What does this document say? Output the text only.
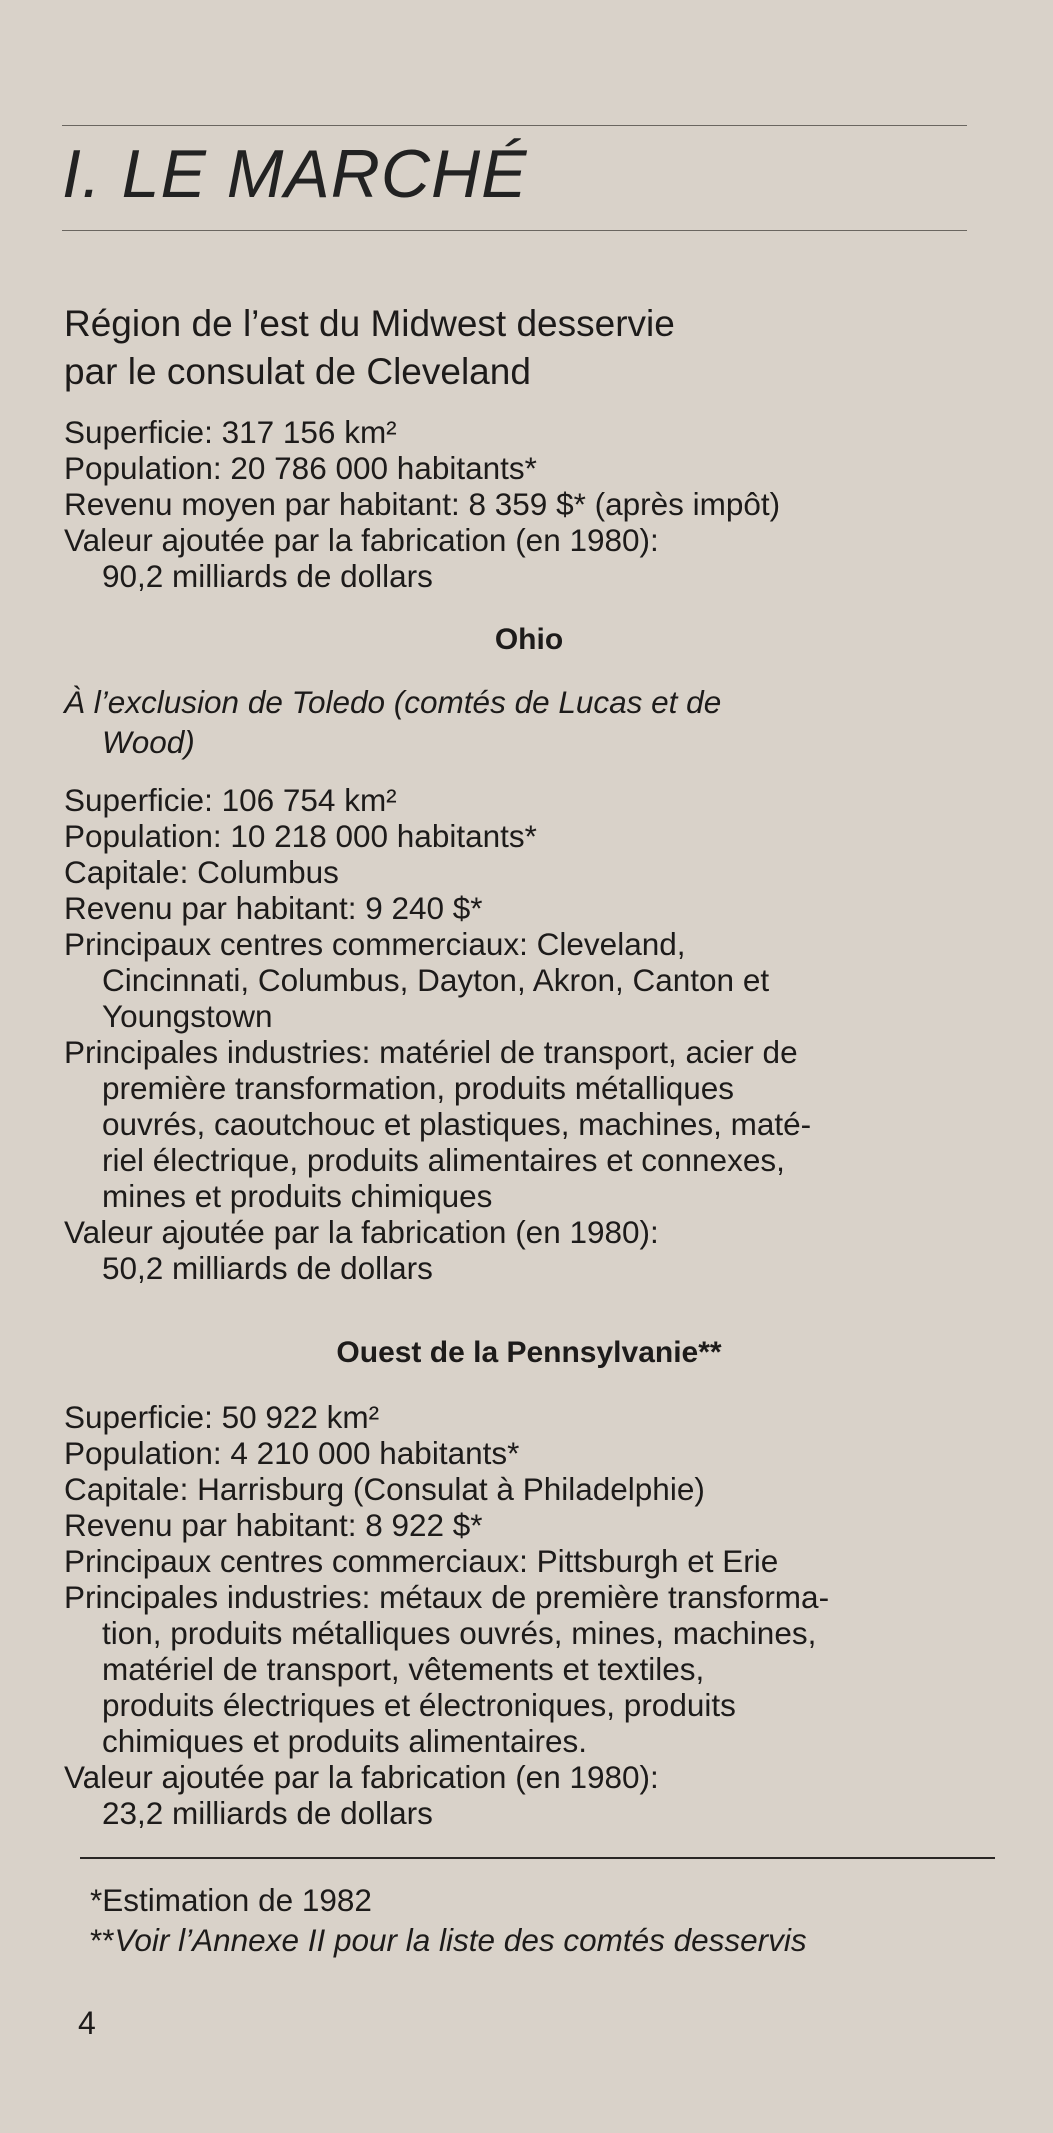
I. LE MARCHÉ

Région de l’est du Midwest desservie

par le consulat de Cleveland

Superficie: 317 156 km²

Population: 20 786 000 habitants*

Revenu moyen par habitant: 8 359 $* (après impôt)

Valeur ajoutée par la fabrication (en 1980):

90,2 milliards de dollars

Ohio

À l’exclusion de Toledo (comtés de Lucas et de

Wood)

Superficie: 106 754 km²

Population: 10 218 000 habitants*

Capitale: Columbus

Revenu par habitant: 9 240 $*

Principaux centres commerciaux: Cleveland,

Cincinnati, Columbus, Dayton, Akron, Canton et

Youngstown

Principales industries: matériel de transport, acier de

première transformation, produits métalliques

ouvrés, caoutchouc et plastiques, machines, maté-

riel électrique, produits alimentaires et connexes,

mines et produits chimiques

Valeur ajoutée par la fabrication (en 1980):

50,2 milliards de dollars

Ouest de la Pennsylvanie**

Superficie: 50 922 km²

Population: 4 210 000 habitants*

Capitale: Harrisburg (Consulat à Philadelphie)

Revenu par habitant: 8 922 $*

Principaux centres commerciaux: Pittsburgh et Erie

Principales industries: métaux de première transforma-

tion, produits métalliques ouvrés, mines, machines,

matériel de transport, vêtements et textiles,

produits électriques et électroniques, produits

chimiques et produits alimentaires.

Valeur ajoutée par la fabrication (en 1980):

23,2 milliards de dollars

*Estimation de 1982

**Voir l’Annexe II pour la liste des comtés desservis

4
